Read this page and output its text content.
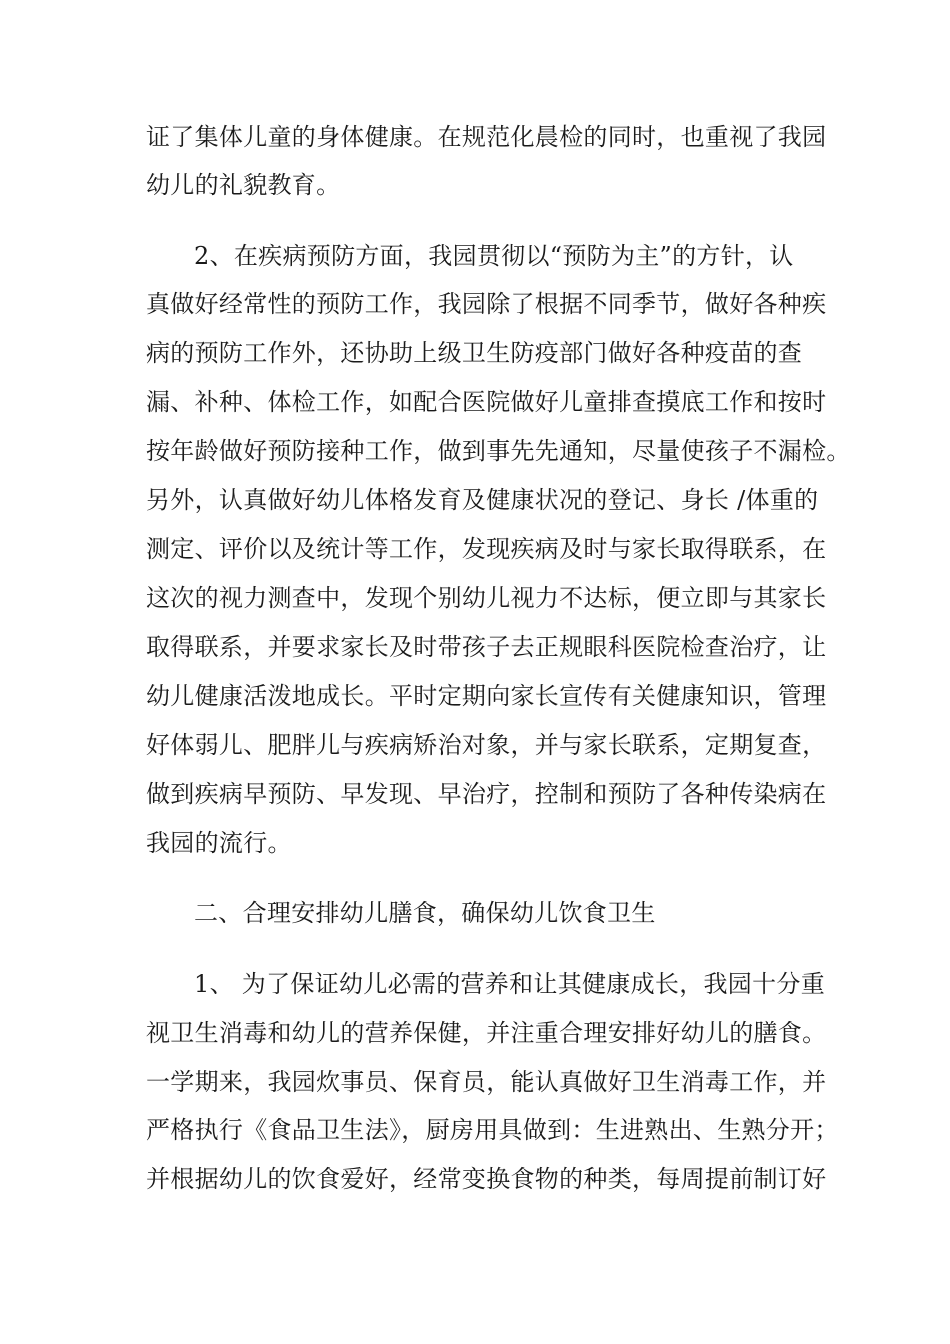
证了集体儿童的身体健康。在规范化晨检的同时，也重视了我园
幼儿的礼貌教育。
2、在疾病预防方面，我园贯彻以“预防为主”的方针，认
真做好经常性的预防工作，我园除了根据不同季节，做好各种疾
病的预防工作外，还协助上级卫生防疫部门做好各种疫苗的查
漏、补种、体检工作，如配合医院做好儿童排查摸底工作和按时
按年龄做好预防接种工作，做到事先先通知，尽量使孩子不漏检。
另外，认真做好幼儿体格发育及健康状况的登记、身长 /体重的
测定、评价以及统计等工作，发现疾病及时与家长取得联系，在
这次的视力测查中，发现个别幼儿视力不达标，便立即与其家长
取得联系，并要求家长及时带孩子去正规眼科医院检查治疗，让
幼儿健康活泼地成长。平时定期向家长宣传有关健康知识，管理
好体弱儿、肥胖儿与疾病矫治对象，并与家长联系，定期复查，
做到疾病早预防、早发现、早治疗，控制和预防了各种传染病在
我园的流行。
二、合理安排幼儿膳食，确保幼儿饮食卫生
1、 为了保证幼儿必需的营养和让其健康成长，我园十分重
视卫生消毒和幼儿的营养保健，并注重合理安排好幼儿的膳食。
一学期来，我园炊事员、保育员，能认真做好卫生消毒工作，并
严格执行《食品卫生法》，厨房用具做到：生进熟出、生熟分开；
并根据幼儿的饮食爱好，经常变换食物的种类，每周提前制订好
